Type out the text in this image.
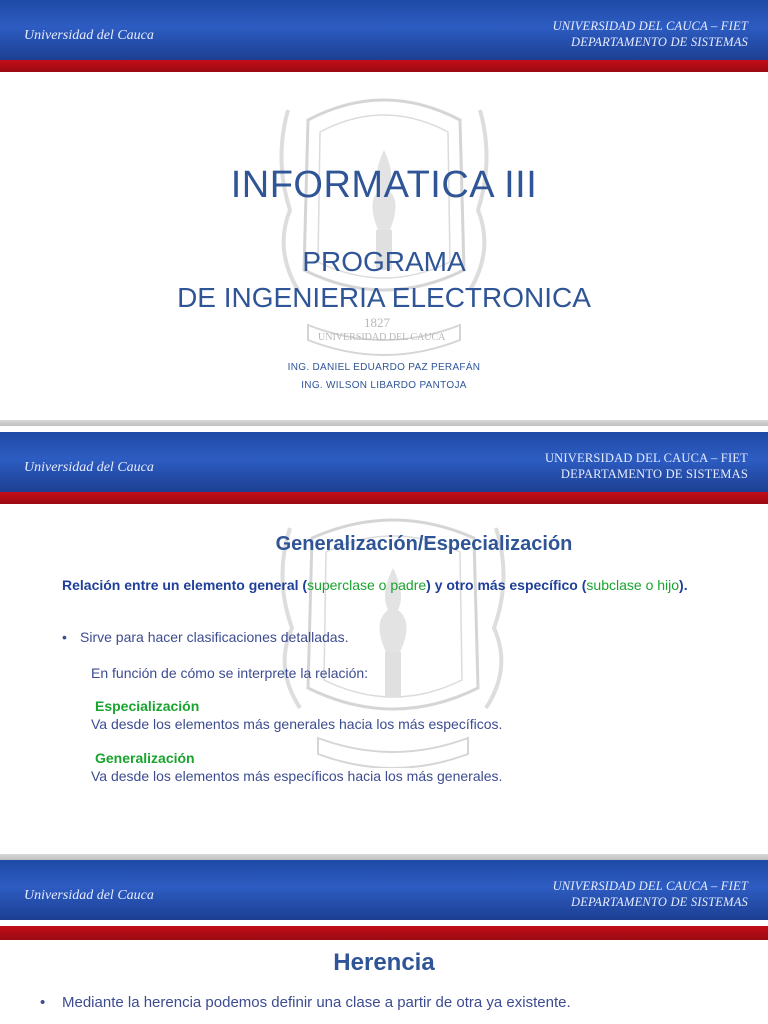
Universidad del Cauca
UNIVERSIDAD DEL CAUCA – FIET
DEPARTAMENTO DE SISTEMAS
1827
UNIVERSIDAD DEL CAUCA
INFORMATICA III
PROGRAMA
DE INGENIERIA ELECTRONICA
ING. DANIEL EDUARDO PAZ PERAFÁN
ING. WILSON LIBARDO PANTOJA
Universidad del Cauca
UNIVERSIDAD DEL CAUCA – FIET
DEPARTAMENTO DE SISTEMAS
Generalización/Especialización
Relación entre un elemento general (superclase o padre) y otro más específico (subclase o hijo).
• Sirve para hacer clasificaciones detalladas.
En función de cómo se interprete la relación:
Especialización
Va desde los elementos más generales hacia los más específicos.
Generalización
Va desde los elementos más específicos hacia los más generales.
Universidad del Cauca
UNIVERSIDAD DEL CAUCA – FIET
DEPARTAMENTO DE SISTEMAS
Herencia
• Mediante la herencia podemos definir una clase a partir de otra ya existente.
